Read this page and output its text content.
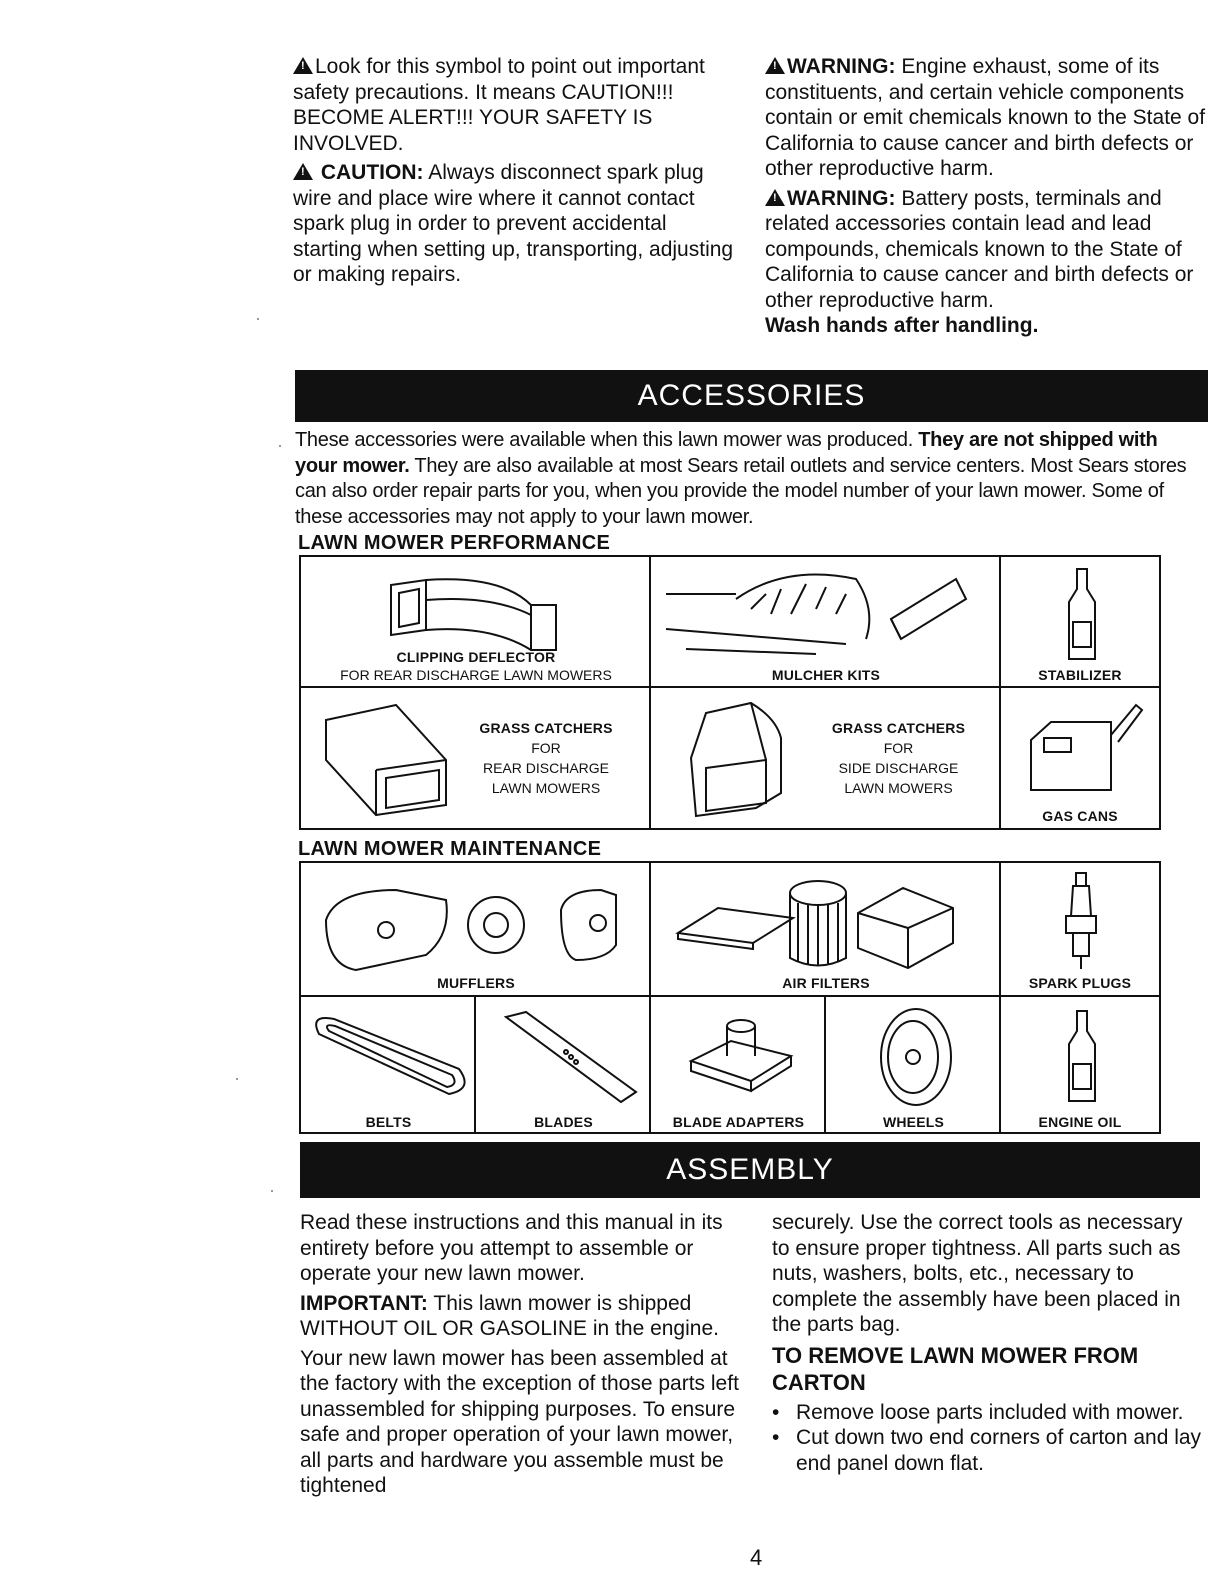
!Look for this symbol to point out important safety precautions. It means CAUTION!!! BECOME ALERT!!! YOUR SAFETY IS INVOLVED.

! CAUTION: Always disconnect spark plug wire and place wire where it cannot contact spark plug in order to prevent accidental starting when setting up, transporting, adjusting or making repairs.

!WARNING: Engine exhaust, some of its constituents, and certain vehicle components contain or emit chemicals known to the State of California to cause cancer and birth defects or other reproductive harm.

!WARNING: Battery posts, terminals and related accessories contain lead and lead compounds, chemicals known to the State of California to cause cancer and birth defects or other reproductive harm.

Wash hands after handling.

ACCESSORIES
These accessories were available when this lawn mower was produced. They are not shipped with your mower. They are also available at most Sears retail outlets and service centers. Most Sears stores can also order repair parts for you, when you provide the model number of your lawn mower. Some of these accessories may not apply to your lawn mower.
LAWN MOWER PERFORMANCE
CLIPPING DEFLECTOR
FOR REAR DISCHARGE LAWN MOWERS	MULCHER KITS	STABILIZER
GRASS CATCHERS
FOR
REAR DISCHARGE
LAWN MOWERS
GRASS CATCHERS
FOR
SIDE DISCHARGE
LAWN MOWERS
GAS CANS
LAWN MOWER MAINTENANCE
MUFFLERS	AIR FILTERS	SPARK PLUGS
BELTS	BLADES	BLADE ADAPTERS	WHEELS	ENGINE OIL
ASSEMBLY

Read these instructions and this manual in its entirety before you attempt to assemble or operate your new lawn mower.

IMPORTANT: This lawn mower is shipped WITHOUT OIL OR GASOLINE in the engine.

Your new lawn mower has been assembled at the factory with the exception of those parts left unassembled for shipping purposes. To ensure safe and proper operation of your lawn mower, all parts and hardware you assemble must be tightened

securely. Use the correct tools as necessary to ensure proper tightness. All parts such as nuts, washers, bolts, etc., necessary to complete the assembly have been placed in the parts bag.

TO REMOVE LAWN MOWER FROM CARTON

• Remove loose parts included with mower.
• Cut down two end corners of carton and lay end panel down flat.
4
